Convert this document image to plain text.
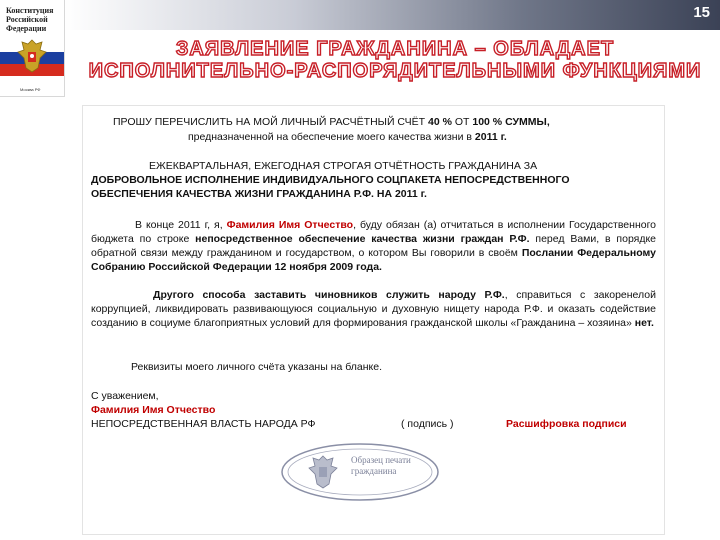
15
Конституция Российской Федерации
Москва РФ
ЗАЯВЛЕНИЕ ГРАЖДАНИНА – ОБЛАДАЕТ
ИСПОЛНИТЕЛЬНО-РАСПОРЯДИТЕЛЬНЫМИ ФУНКЦИЯМИ
ПРОШУ ПЕРЕЧИСЛИТЬ НА МОЙ ЛИЧНЫЙ РАСЧЁТНЫЙ СЧЁТ 40 % ОТ 100 % СУММЫ,
предназначенной на обеспечение моего качества жизни в 2011 г.
ЕЖЕКВАРТАЛЬНАЯ, ЕЖЕГОДНАЯ СТРОГАЯ ОТЧЁТНОСТЬ ГРАЖДАНИНА ЗА
ДОБРОВОЛЬНОЕ ИСПОЛНЕНИЕ ИНДИВИДУАЛЬНОГО СОЦПАКЕТА НЕПОСРЕДСТВЕННОГО
ОБЕСПЕЧЕНИЯ КАЧЕСТВА ЖИЗНИ ГРАЖДАНИНА Р.Ф. НА 2011 г.
В конце 2011 г, я, Фамилия Имя Отчество, буду обязан (а) отчитаться в исполнении Государственного бюджета по строке непосредственное обеспечение качества жизни граждан Р.Ф. перед Вами, в порядке обратной связи между гражданином и государством, о котором Вы говорили в своём Послании Федеральному Собранию Российской Федерации 12 ноября 2009 года.
Другого способа заставить чиновников служить народу Р.Ф., справиться с закоренелой коррупцией, ликвидировать развивающуюся социальную и духовную нищету народа Р.Ф. и оказать содействие созданию в социуме благоприятных условий для формирования гражданской школы «Гражданина – хозяина» нет.
Реквизиты моего личного счёта указаны на бланке.
С уважением,
Фамилия Имя Отчество
НЕПОСРЕДСТВЕННАЯ ВЛАСТЬ НАРОДА РФ	( подпись )	Расшифровка подписи
Образец печати гражданина
